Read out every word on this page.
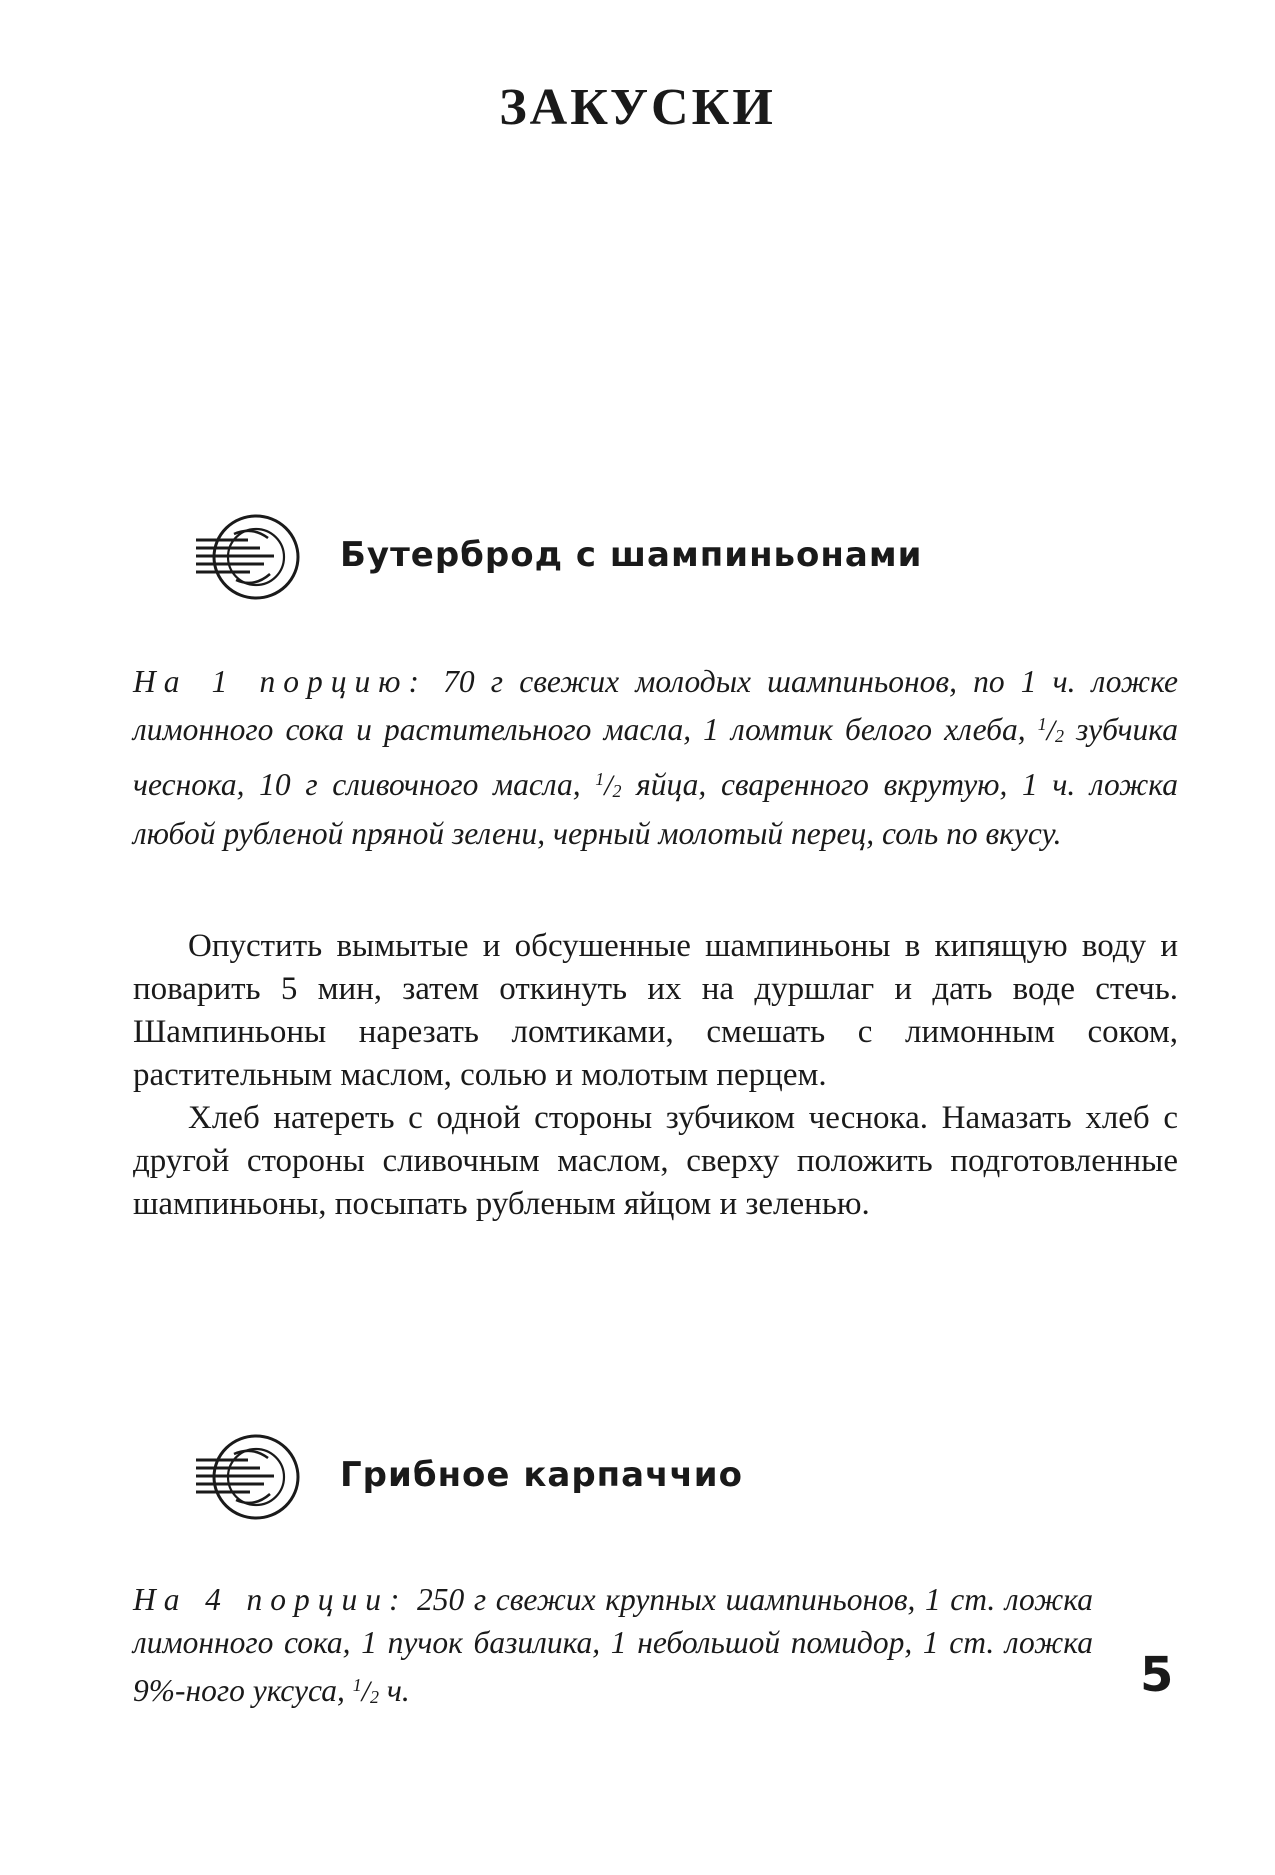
ЗАКУСКИ
Бутерброд с шампиньонами

На 1 порцию: 70 г свежих молодых шампиньонов, по 1 ч. ложке лимонного сока и растительного масла, 1 ломтик белого хлеба, $^1/_2$ зубчика чеснока, 10 г сливочного масла, $^1/_2$ яйца, сваренного вкрутую, 1 ч. ложка любой рубленой пряной зелени, черный молотый перец, соль по вкусу.

Опустить вымытые и обсушенные шампиньоны в кипящую воду и поварить 5 мин, затем откинуть их на дуршлаг и дать воде стечь. Шампиньоны нарезать ломтиками, смешать с лимонным соком, растительным маслом, солью и молотым перцем.

Хлеб натереть с одной стороны зубчиком чеснока. Намазать хлеб с другой стороны сливочным маслом, сверху положить подготовленные шампиньоны, посыпать рубленым яйцом и зеленью.

Грибное карпаччио

На 4 порции: 250 г свежих крупных шампиньонов, 1 ст. ложка лимонного сока, 1 пучок базилика, 1 небольшой помидор, 1 ст. ложка 9%-ного уксуса, $^1/_2$ ч.	5
